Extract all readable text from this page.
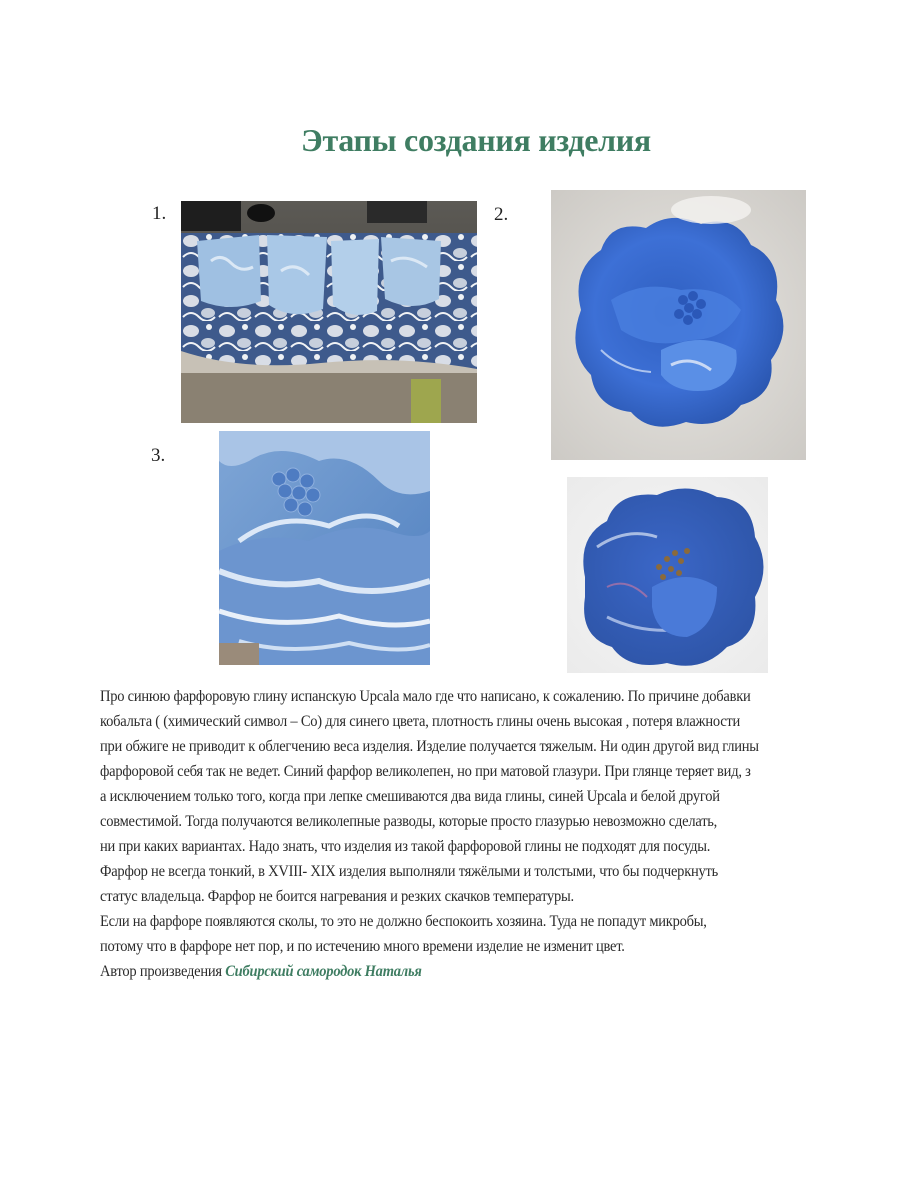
Этапы создания изделия
1.	2.
3.
Про синюю фарфоровую глину испанскую Upcala мало где что написано, к сожалению. По причине добавки
кобальта ( (химический символ – Co) для синего цвета, плотность глины очень высокая , потеря влажности
при обжиге не приводит к облегчению веса изделия. Изделие получается тяжелым. Ни один другой вид глины
фарфоровой себя так не ведет. Синий фарфор великолепен, но при матовой глазури. При глянце теряет вид, з
а исключением только того, когда при лепке смешиваются два вида глины, синей Upcala и белой другой
совместимой. Тогда получаются великолепные разводы, которые просто глазурью невозможно сделать,
ни при каких вариантах. Надо знать, что изделия из такой фарфоровой глины не подходят для посуды.
Фарфор не всегда тонкий, в XVIII- XIX изделия выполняли тяжёлыми и толстыми, что бы подчеркнуть
статус владельца. Фарфор не боится нагревания и резких скачков температуры.
Если на фарфоре появляются сколы, то это не должно беспокоить хозяина. Туда не попадут микробы,
потому что в фарфоре нет пор, и по истечению много времени изделие не изменит цвет.
Автор произведения Сибирский самородок Наталья
